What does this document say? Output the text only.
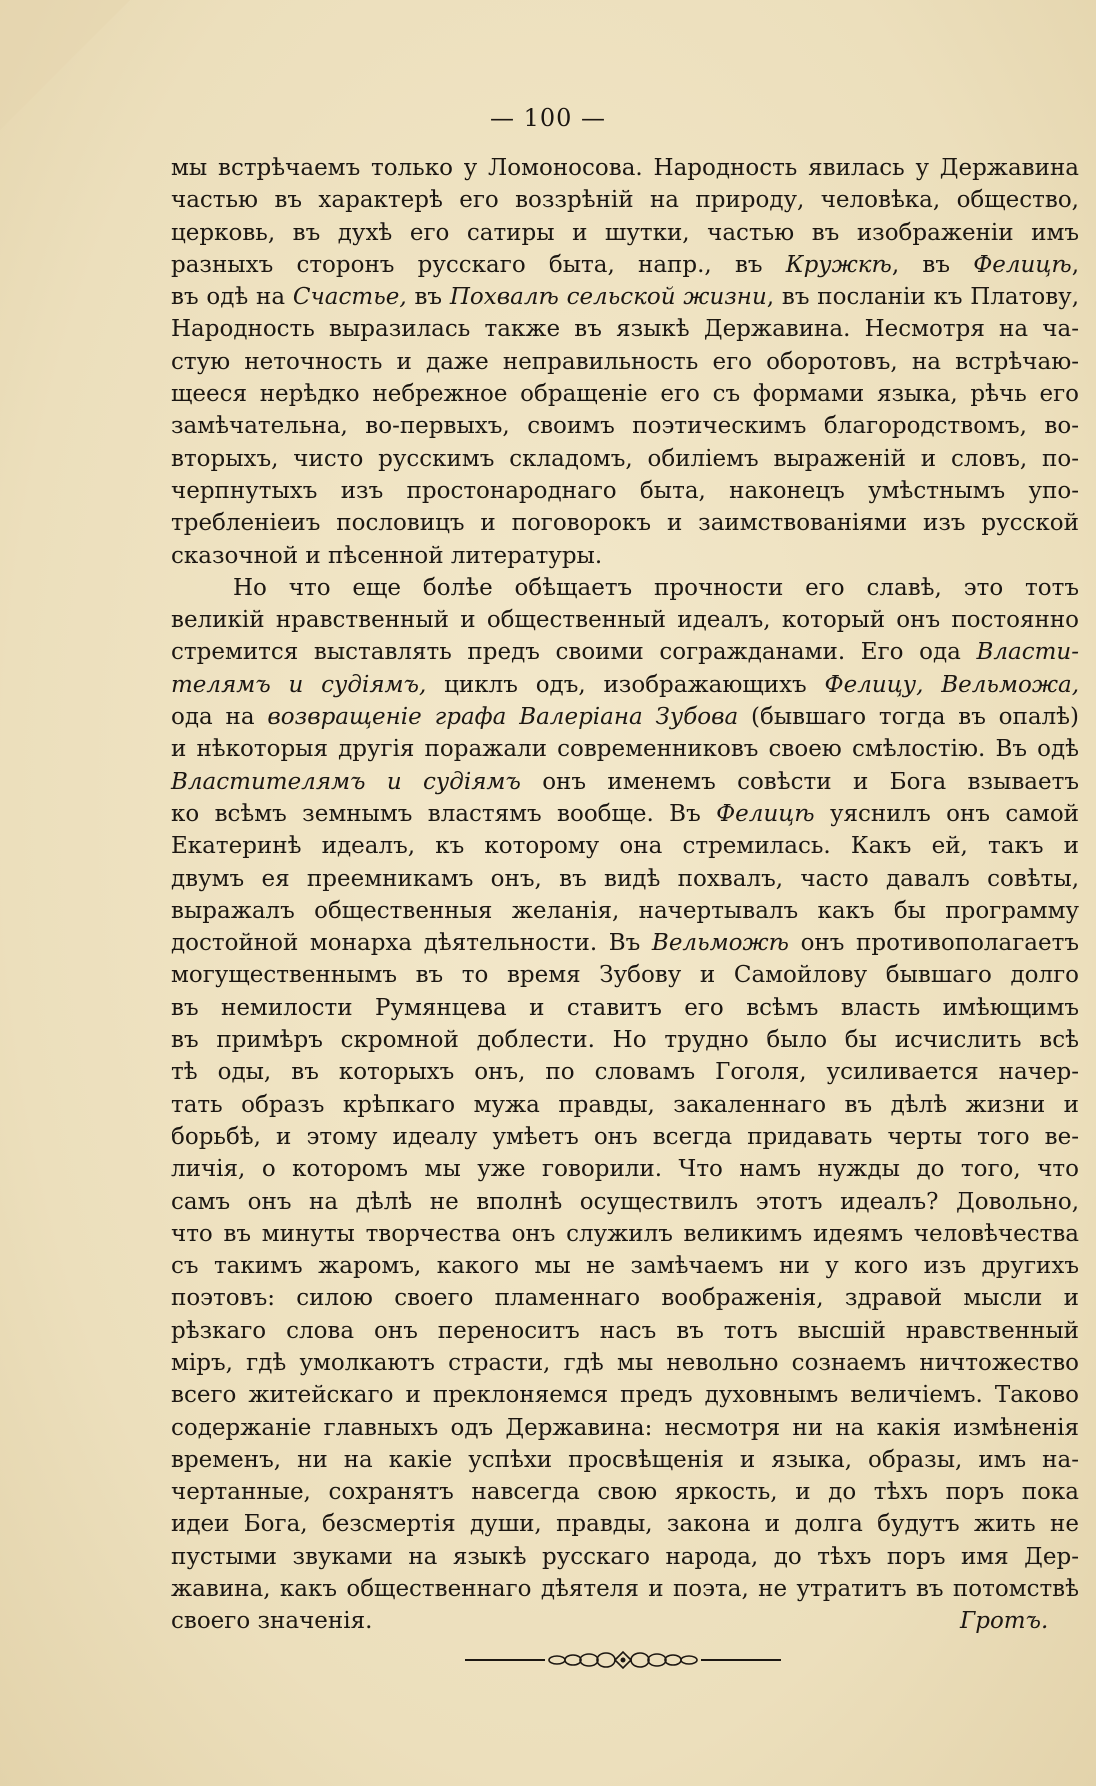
— 100 —
мы встрѣчаемъ только у Ломоносова. Народность явилась у Державина
частью въ характерѣ его воззрѣній на природу, человѣка, общество,
церковь, въ духѣ его сатиры и шутки, частью въ изображеніи имъ
разныхъ сторонъ русскаго быта, напр., въ Кружкѣ, въ Фелицѣ,
въ одѣ на Счастье, въ Похвалѣ сельской жизни, въ посланіи къ Платову,
Народность выразилась также въ языкѣ Державина. Несмотря на ча-
стую неточность и даже неправильность его оборотовъ, на встрѣчаю-
щееся нерѣдко небрежное обращеніе его съ формами языка, рѣчь его
замѣчательна, во-первыхъ, своимъ поэтическимъ благородствомъ, во-
вторыхъ, чисто русскимъ складомъ, обиліемъ выраженій и словъ, по-
черпнутыхъ изъ простонароднаго быта, наконецъ умѣстнымъ упо-
требленіеиъ пословицъ и поговорокъ и заимствованіями изъ русской
сказочной и пѣсенной литературы.
Но что еще болѣе обѣщаетъ прочности его славѣ, это тотъ
великій нравственный и общественный идеалъ, который онъ постоянно
стремится выставлять предъ своими согражданами. Его ода Власти-
телямъ и судіямъ, циклъ одъ, изображающихъ Фелицу, Вельможа,
ода на возвращеніе графа Валеріана Зубова (бывшаго тогда въ опалѣ)
и нѣкоторыя другія поражали современниковъ своею смѣлостію. Въ одѣ
Властителямъ и судіямъ онъ именемъ совѣсти и Бога взываетъ
ко всѣмъ земнымъ властямъ вообще. Въ Фелицѣ уяснилъ онъ самой
Екатеринѣ идеалъ, къ которому она стремилась. Какъ ей, такъ и
двумъ ея преемникамъ онъ, въ видѣ похвалъ, часто давалъ совѣты,
выражалъ общественныя желанія, начертывалъ какъ бы программу
достойной монарха дѣятельности. Въ Вельможѣ онъ противополагаетъ
могущественнымъ въ то время Зубову и Самойлову бывшаго долго
въ немилости Румянцева и ставитъ его всѣмъ власть имѣющимъ
въ примѣръ скромной доблести. Но трудно было бы исчислить всѣ
тѣ оды, въ которыхъ онъ, по словамъ Гоголя, усиливается начер-
тать образъ крѣпкаго мужа правды, закаленнаго въ дѣлѣ жизни и
борьбѣ, и этому идеалу умѣетъ онъ всегда придавать черты того ве-
личія, о которомъ мы уже говорили. Что намъ нужды до того, что
самъ онъ на дѣлѣ не вполнѣ осуществилъ этотъ идеалъ? Довольно,
что въ минуты творчества онъ служилъ великимъ идеямъ человѣчества
съ такимъ жаромъ, какого мы не замѣчаемъ ни у кого изъ другихъ
поэтовъ: силою своего пламеннаго воображенія, здравой мысли и
рѣзкаго слова онъ переноситъ насъ въ тотъ высшій нравственный
міръ, гдѣ умолкаютъ страсти, гдѣ мы невольно сознаемъ ничтожество
всего житейскаго и преклоняемся предъ духовнымъ величіемъ. Таково
содержаніе главныхъ одъ Державина: несмотря ни на какія измѣненія
временъ, ни на какіе успѣхи просвѣщенія и языка, образы, имъ на-
чертанные, сохранятъ навсегда свою яркость, и до тѣхъ поръ пока
идеи Бога, безсмертія души, правды, закона и долга будутъ жить не
пустыми звуками на языкѣ русскаго народа, до тѣхъ поръ имя Дер-
жавина, какъ общественнаго дѣятеля и поэта, не утратитъ въ потомствѣ
своего значенія.	Гротъ.
